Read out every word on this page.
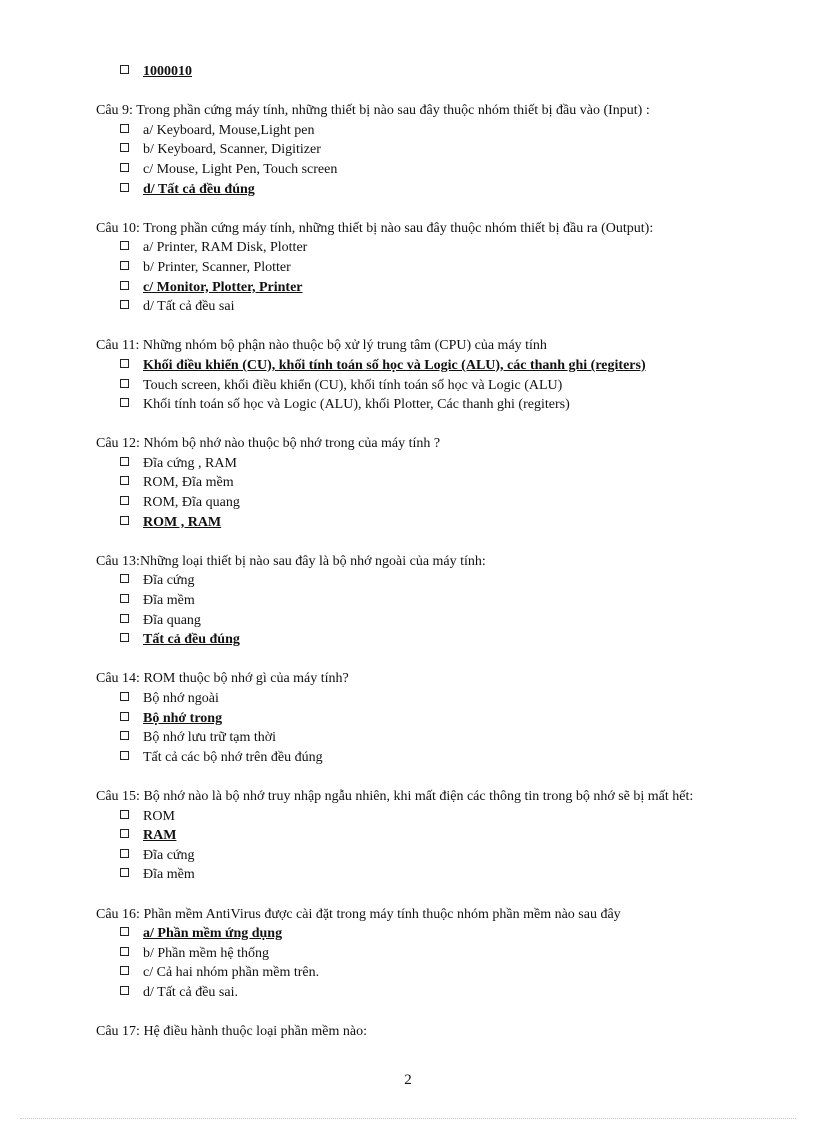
1000010
Câu 9: Trong phần cứng máy tính, những thiết bị nào sau đây thuộc nhóm thiết bị đầu vào (Input) :
a/ Keyboard, Mouse,Light pen
b/ Keyboard, Scanner, Digitizer
c/ Mouse, Light Pen, Touch screen
d/ Tất cả đều đúng
Câu 10: Trong phần cứng máy tính, những thiết bị nào sau đây thuộc nhóm thiết bị đầu ra (Output):
a/ Printer, RAM Disk, Plotter
b/ Printer, Scanner, Plotter
c/ Monitor, Plotter, Printer
d/ Tất cả đều sai
Câu 11: Những nhóm bộ phận nào thuộc bộ xử lý trung tâm (CPU) của máy tính
Khối điều khiển (CU), khối tính toán số học và Logic (ALU), các thanh ghi (regiters)
Touch screen, khối điều khiển (CU), khối tính toán số học và Logic (ALU)
Khối tính toán số học và Logic (ALU), khối Plotter, Các thanh ghi (regiters)
Câu 12: Nhóm bộ nhớ nào thuộc bộ nhớ trong của máy tính ?
Đĩa cứng , RAM
ROM, Đĩa mềm
ROM, Đĩa quang
ROM , RAM
Câu 13:Những loại thiết bị nào sau đây là bộ nhớ ngoài của máy tính:
Đĩa cứng
Đĩa mềm
Đĩa quang
Tất cả đều đúng
Câu 14: ROM thuộc bộ nhớ gì của máy tính?
Bộ nhớ ngoài
Bộ nhớ trong
Bộ nhớ lưu trữ tạm thời
Tất cả các bộ nhớ trên đều đúng
Câu 15: Bộ nhớ nào là bộ nhớ truy nhập ngẫu nhiên, khi mất điện các thông tin trong bộ nhớ sẽ bị mất hết:
ROM
RAM
Đĩa cứng
Đĩa mềm
Câu 16: Phần mềm AntiVirus được cài đặt trong máy tính thuộc nhóm phần mềm nào sau đây
a/ Phần mềm ứng dụng
b/ Phần mềm hệ thống
c/ Cả hai nhóm phần mềm trên.
d/ Tất cả đều sai.
Câu 17: Hệ điều hành thuộc loại phần mềm nào:
2
